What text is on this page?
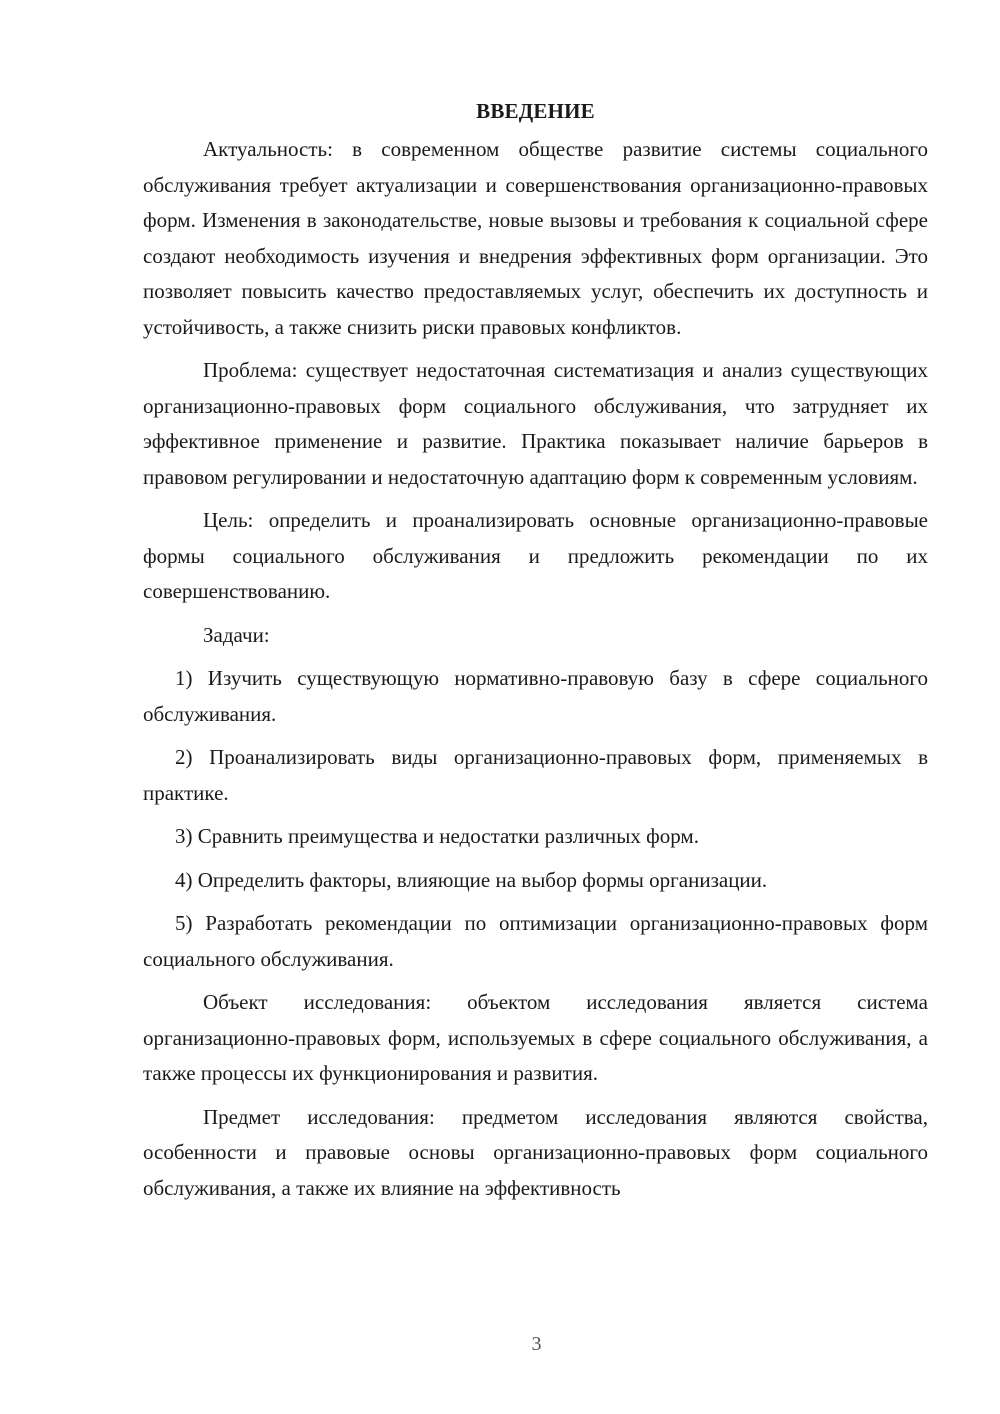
ВВЕДЕНИЕ

Актуальность: в современном обществе развитие системы социального обслуживания требует актуализации и совершенствования организационно-правовых форм. Изменения в законодательстве, новые вызовы и требования к социальной сфере создают необходимость изучения и внедрения эффективных форм организации. Это позволяет повысить качество предоставляемых услуг, обеспечить их доступность и устойчивость, а также снизить риски правовых конфликтов.

Проблема: существует недостаточная систематизация и анализ существующих организационно-правовых форм социального обслуживания, что затрудняет их эффективное применение и развитие. Практика показывает наличие барьеров в правовом регулировании и недостаточную адаптацию форм к современным условиям.

Цель: определить и проанализировать основные организационно-правовые формы социального обслуживания и предложить рекомендации по их совершенствованию.

Задачи:

1) Изучить существующую нормативно-правовую базу в сфере социального обслуживания.

2) Проанализировать виды организационно-правовых форм, применяемых в практике.

3) Сравнить преимущества и недостатки различных форм.

4) Определить факторы, влияющие на выбор формы организации.

5) Разработать рекомендации по оптимизации организационно-правовых форм социального обслуживания.

Объект исследования: объектом исследования является система организационно-правовых форм, используемых в сфере социального обслуживания, а также процессы их функционирования и развития.

Предмет исследования: предметом исследования являются свойства, особенности и правовые основы организационно-правовых форм социального обслуживания, а также их влияние на эффективность

3
